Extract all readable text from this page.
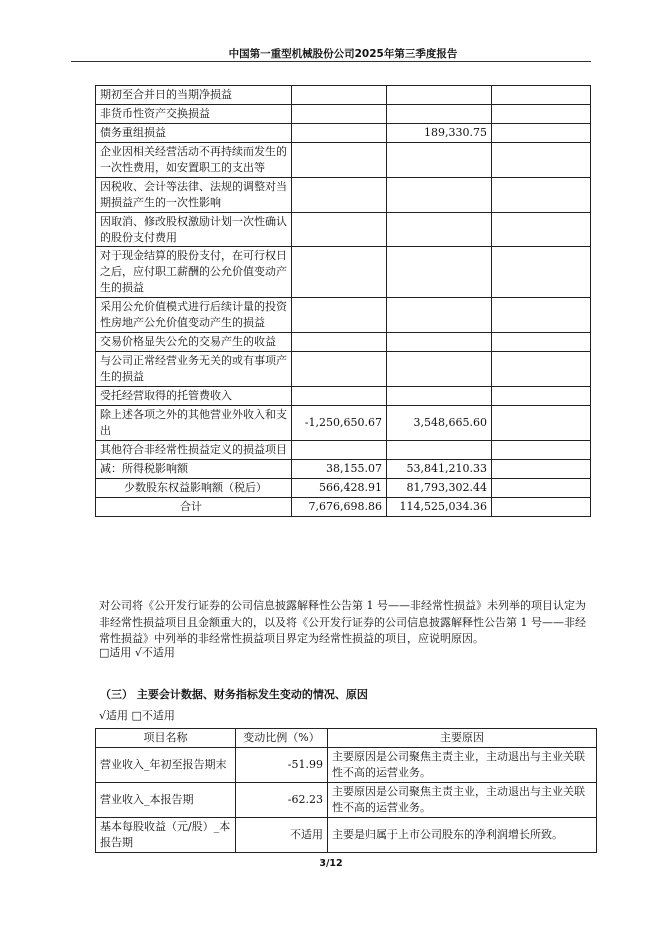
中国第一重型机械股份公司2025年第三季度报告
期初至合并日的当期净损益			
非货币性资产交换损益			
债务重组损益		189,330.75	
企业因相关经营活动不再持续而发生的一次性费用，如安置职工的支出等			
因税收、会计等法律、法规的调整对当期损益产生的一次性影响			
因取消、修改股权激励计划一次性确认的股份支付费用			
对于现金结算的股份支付，在可行权日之后，应付职工薪酬的公允价值变动产生的损益			
采用公允价值模式进行后续计量的投资性房地产公允价值变动产生的损益			
交易价格显失公允的交易产生的收益			
与公司正常经营业务无关的或有事项产生的损益			
受托经营取得的托管费收入			
除上述各项之外的其他营业外收入和支出	-1,250,650.67	3,548,665.60	
其他符合非经常性损益定义的损益项目			
减：所得税影响额	38,155.07	53,841,210.33	
少数股东权益影响额（税后）	566,428.91	81,793,302.44	
合计	7,676,698.86	114,525,034.36	
对公司将《公开发行证券的公司信息披露解释性公告第 1 号——非经常性损益》未列举的项目认定为非经常性损益项目且金额重大的，以及将《公开发行证券的公司信息披露解释性公告第 1 号——非经常性损益》中列举的非经常性损益项目界定为经常性损益的项目，应说明原因。
□适用 √不适用
（三） 主要会计数据、财务指标发生变动的情况、原因
√适用 □不适用
项目名称	变动比例（%）	主要原因
营业收入_年初至报告期末	-51.99	主要原因是公司聚焦主责主业，主动退出与主业关联性不高的运营业务。
营业收入_本报告期	-62.23	主要原因是公司聚焦主责主业，主动退出与主业关联性不高的运营业务。
基本每股收益（元/股）_本报告期	不适用	主要是归属于上市公司股东的净利润增长所致。
3/12
